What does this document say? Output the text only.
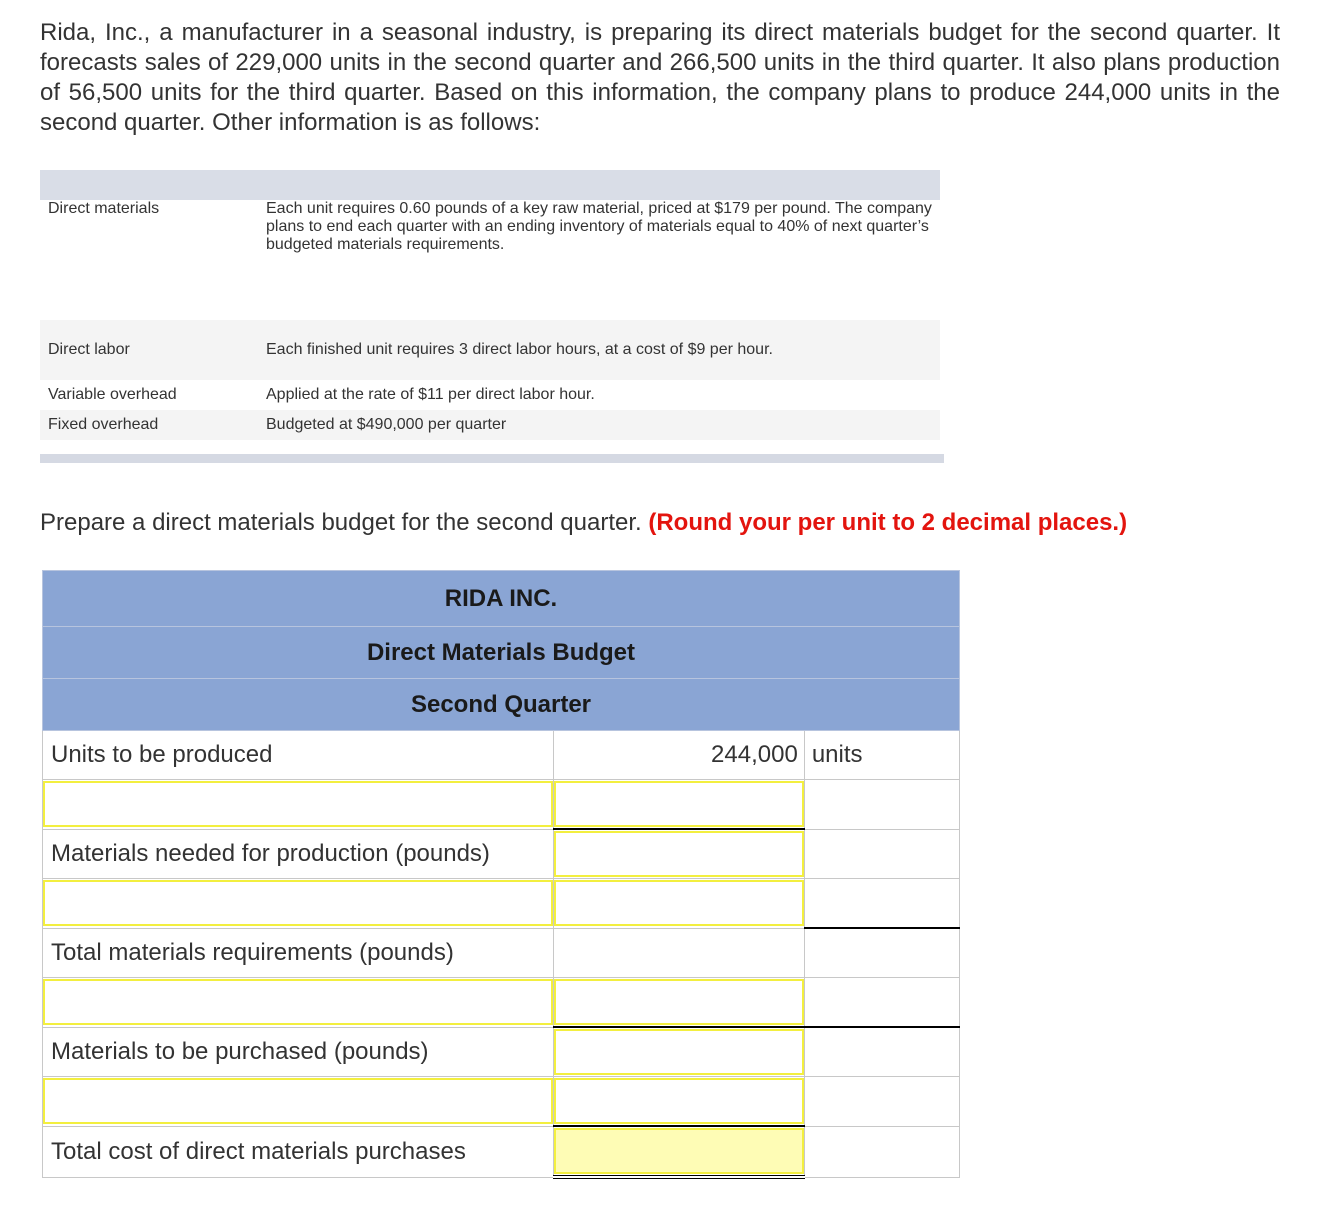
Rida, Inc., a manufacturer in a seasonal industry, is preparing its direct materials budget for the second quarter. It forecasts sales of 229,000 units in the second quarter and 266,500 units in the third quarter. It also plans production of 56,500 units for the third quarter. Based on this information, the company plans to produce 244,000 units in the second quarter. Other information is as follows:

Direct materials	Each unit requires 0.60 pounds of a key raw material, priced at $179 per pound. The company plans to end each quarter with an ending inventory of materials equal to 40% of next quarter’s budgeted materials requirements.
Direct labor	Each finished unit requires 3 direct labor hours, at a cost of $9 per hour.
Variable overhead	Applied at the rate of $11 per direct labor hour.
Fixed overhead	Budgeted at $490,000 per quarter

Prepare a direct materials budget for the second quarter. (Round your per unit to 2 decimal places.)

RIDA INC.		
Direct Materials Budget		
Second Quarter		

Units to be produced	244,000	units

Materials needed for production (pounds)		

Total materials requirements (pounds)		

Materials to be purchased (pounds)		

Total cost of direct materials purchases		
